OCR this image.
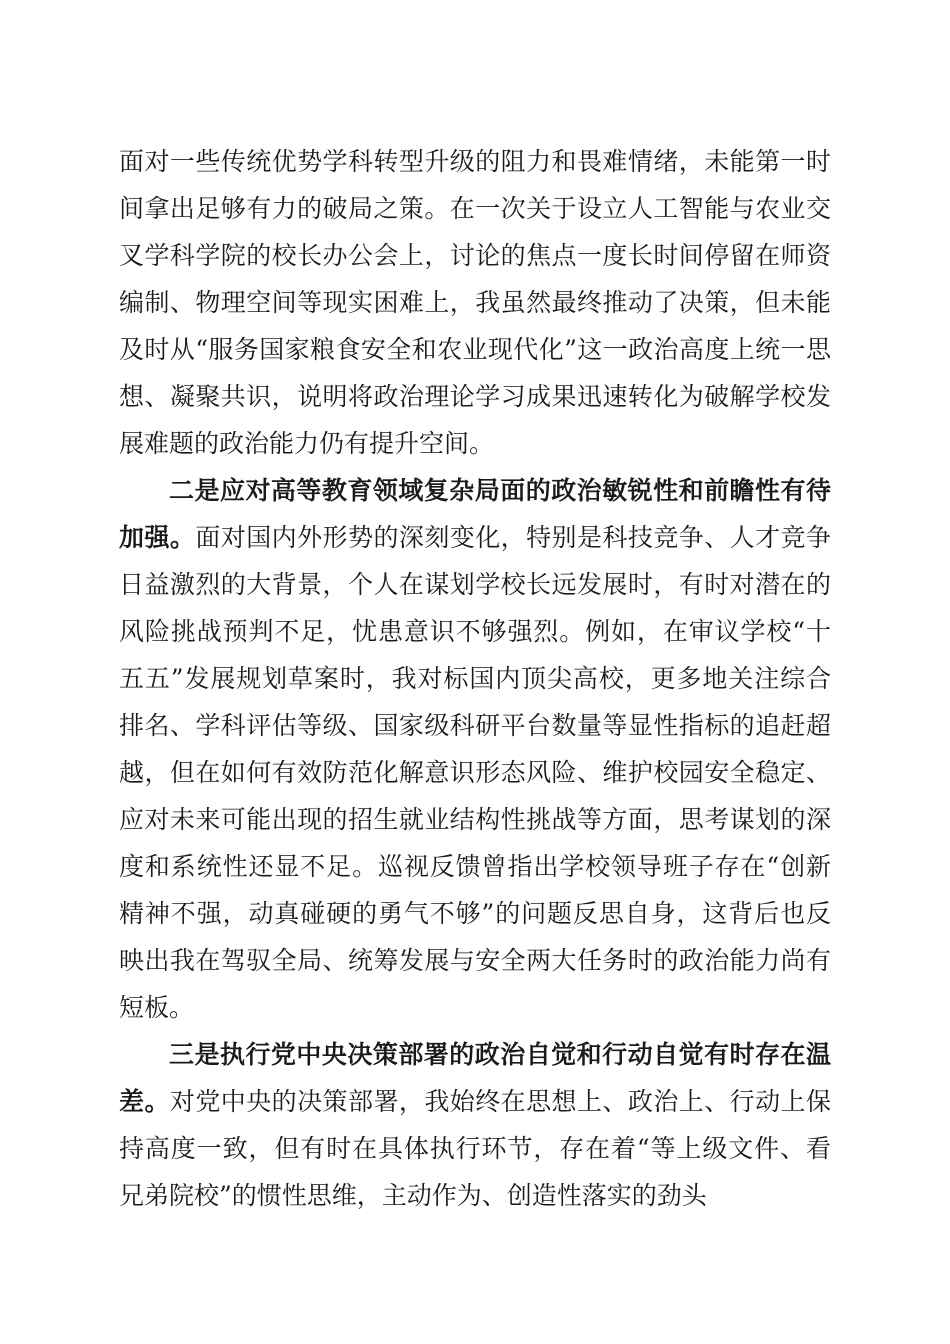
面对一些传统优势学科转型升级的阻力和畏难情绪，未能第一时间拿出足够有力的破局之策。在一次关于设立人工智能与农业交叉学科学院的校长办公会上，讨论的焦点一度长时间停留在师资编制、物理空间等现实困难上，我虽然最终推动了决策，但未能及时从“服务国家粮食安全和农业现代化”这一政治高度上统一思想、凝聚共识，说明将政治理论学习成果迅速转化为破解学校发展难题的政治能力仍有提升空间。

二是应对高等教育领域复杂局面的政治敏锐性和前瞻性有待加强。面对国内外形势的深刻变化，特别是科技竞争、人才竞争日益激烈的大背景，个人在谋划学校长远发展时，有时对潜在的风险挑战预判不足，忧患意识不够强烈。例如，在审议学校“十五五”发展规划草案时，我对标国内顶尖高校，更多地关注综合排名、学科评估等级、国家级科研平台数量等显性指标的追赶超越，但在如何有效防范化解意识形态风险、维护校园安全稳定、应对未来可能出现的招生就业结构性挑战等方面，思考谋划的深度和系统性还显不足。巡视反馈曾指出学校领导班子存在“创新精神不强，动真碰硬的勇气不够”的问题反思自身，这背后也反映出我在驾驭全局、统筹发展与安全两大任务时的政治能力尚有短板。

三是执行党中央决策部署的政治自觉和行动自觉有时存在温差。对党中央的决策部署，我始终在思想上、政治上、行动上保持高度一致，但有时在具体执行环节，存在着“等上级文件、看兄弟院校”的惯性思维，主动作为、创造性落实的劲头
